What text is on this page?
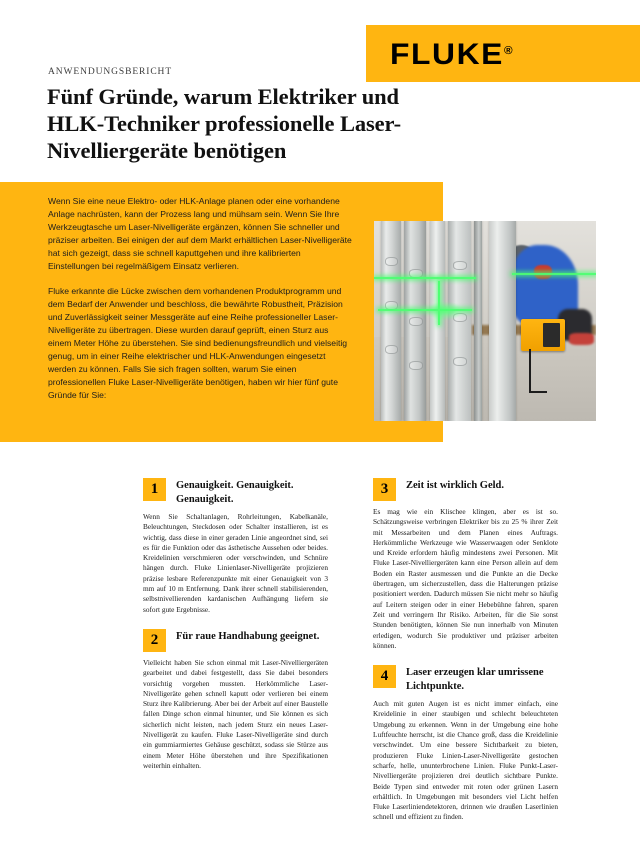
FLUKE®
ANWENDUNGSBERICHT
Fünf Gründe, warum Elektriker und HLK-Techniker professionelle Laser-Nivelliergeräte benötigen

Wenn Sie eine neue Elektro- oder HLK-Anlage planen oder eine vorhandene Anlage nachrüsten, kann der Prozess lang und mühsam sein. Wenn Sie Ihre Werkzeugtasche um Laser-Nivelligeräte ergänzen, können Sie schneller und präziser arbeiten. Bei einigen der auf dem Markt erhältlichen Laser-Nivelligeräte hat sich gezeigt, dass sie schnell kaputtgehen und ihre kalibrierten Einstellungen bei regelmäßigem Einsatz verlieren.

Fluke erkannte die Lücke zwischen dem vorhandenen Produktprogramm und dem Bedarf der Anwender und beschloss, die bewährte Robustheit, Präzision und Zuverlässigkeit seiner Messgeräte auf eine Reihe professioneller Laser-Nivelligeräte zu übertragen. Diese wurden darauf geprüft, einen Sturz aus einem Meter Höhe zu überstehen. Sie sind bedienungsfreundlich und vielseitig genug, um in einer Reihe elektrischer und HLK-Anwendungen eingesetzt werden zu können. Falls Sie sich fragen sollten, warum Sie einen professionellen Fluke Laser-Nivelligeräte benötigen, haben wir hier fünf gute Gründe für Sie:

1	Genauigkeit. Genauigkeit. Genauigkeit.

Wenn Sie Schaltanlagen, Rohrleitungen, Kabelkanäle, Beleuchtungen, Steckdosen oder Schalter installieren, ist es wichtig, dass diese in einer geraden Linie angeordnet sind, sei es für die Funktion oder das ästhetische Aussehen oder beides. Kreidelinien verschmieren oder verschwinden, und Schnüre hängen durch. Fluke Linienlaser-Nivelligeräte projizieren präzise lesbare Referenzpunkte mit einer Genauigkeit von 3 mm auf 10 m Entfernung. Dank ihrer schnell stabilisierenden, selbstnivellierenden kardanischen Aufhängung liefern sie sofort gute Ergebnisse.

2	Für raue Handhabung geeignet.

Vielleicht haben Sie schon einmal mit Laser-Nivelliergeräten gearbeitet und dabei festgestellt, dass Sie dabei besonders vorsichtig vorgehen mussten. Herkömmliche Laser-Nivelligeräte gehen schnell kaputt oder verlieren bei einem Sturz ihre Kalibrierung. Aber bei der Arbeit auf einer Baustelle fallen Dinge schon einmal hinunter, und Sie können es sich sicherlich nicht leisten, nach jedem Sturz ein neues Laser-Nivelligerät zu kaufen. Fluke Laser-Nivelligeräte sind durch ein gummiarmiertes Gehäuse geschützt, sodass sie Stürze aus einem Meter Höhe überstehen und ihre Spezifikationen weiterhin einhalten.

3	Zeit ist wirklich Geld.

Es mag wie ein Klischee klingen, aber es ist so. Schätzungsweise verbringen Elektriker bis zu 25 % ihrer Zeit mit Messarbeiten und dem Planen eines Auftrags. Herkömmliche Werkzeuge wie Wasserwaagen oder Senklote und Kreide erfordern häufig mindestens zwei Personen. Mit Fluke Laser-Nivelliergeräten kann eine Person allein auf dem Boden ein Raster ausmessen und die Punkte an die Decke übertragen, um sicherzustellen, dass die Halterungen präzise positioniert werden. Dadurch müssen Sie nicht mehr so häufig auf Leitern steigen oder in einer Hebebühne fahren, sparen Zeit und verringern Ihr Risiko. Arbeiten, für die Sie sonst Stunden benötigten, können Sie nun innerhalb von Minuten erledigen, wodurch Sie produktiver und präziser arbeiten können.

4	Laser erzeugen klar umrissene Lichtpunkte.

Auch mit guten Augen ist es nicht immer einfach, eine Kreidelinie in einer staubigen und schlecht beleuchteten Umgebung zu erkennen. Wenn in der Umgebung eine hohe Luftfeuchte herrscht, ist die Chance groß, dass die Kreidelinie verschwindet. Um eine bessere Sichtbarkeit zu bieten, produzieren Fluke Linien-Laser-Nivelligeräte gestochen scharfe, helle, ununterbrochene Linien. Fluke Punkt-Laser-Nivelliergeräte projizieren drei deutlich sichtbare Punkte. Beide Typen sind entweder mit roten oder grünen Lasern erhältlich. In Umgebungen mit besonders viel Licht helfen Fluke Laserliniendetektoren, drinnen wie draußen Laserlinien schnell und effizient zu finden.
